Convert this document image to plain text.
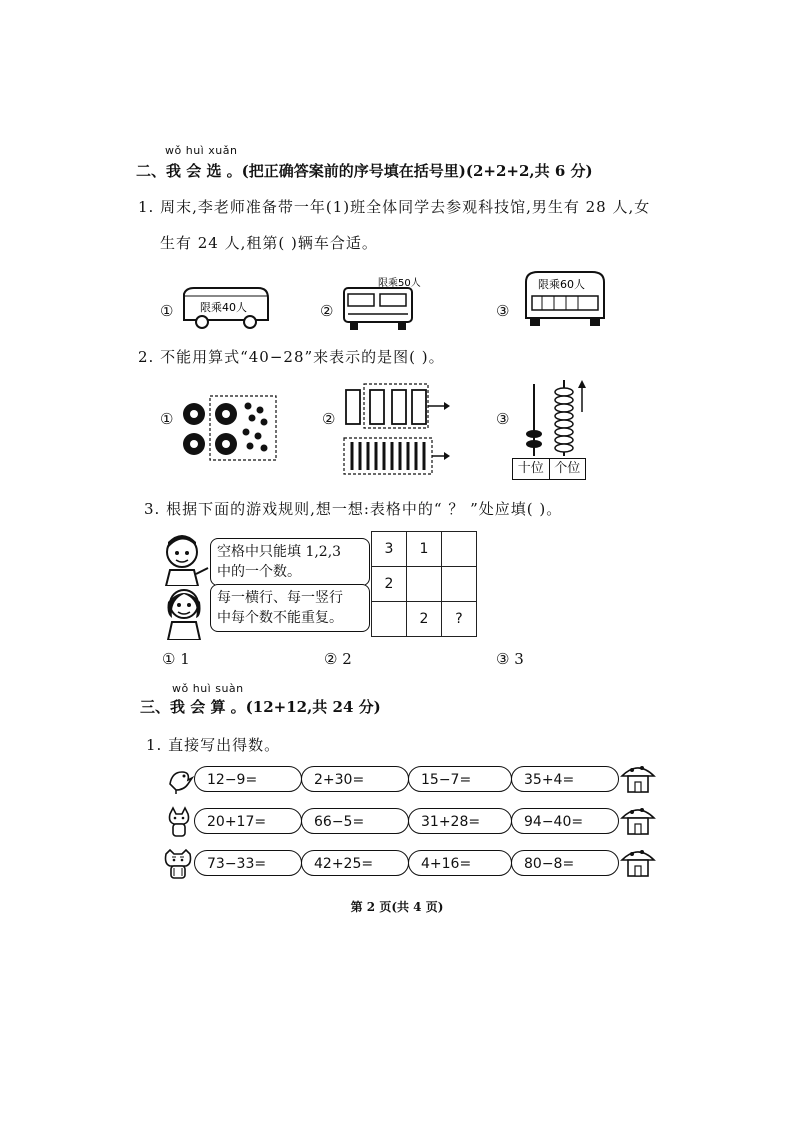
wǒ huì xuǎn
二、我 会 选 。(把正确答案前的序号填在括号里)(2+2+2,共 6 分)
1. 周末,李老师准备带一年(1)班全体同学去参观科技馆,男生有 28 人,女
生有 24 人,租第( )辆车合适。
① 限乘40人	②
限乘50人
③
限乘60人
2. 不能用算式“40−28”来表示的是图( )。
①	②	③
十位 个位
3. 根据下面的游戏规则,想一想:表格中的“ ？ ”处应填( )。
空格中只能填 1,2,3
中的一个数。
每一横行、每一竖行
中每个数不能重复。
3	1	
2		
	2	?
① 1	② 2	③ 3
wǒ huì suàn
三、我 会 算 。(12+12,共 24 分)
1. 直接写出得数。
12−9=	2+30=	15−7=	35+4=
20+17=	66−5=	31+28=	94−40=
73−33=	42+25=	4+16=	80−8=
第 2 页(共 4 页)
